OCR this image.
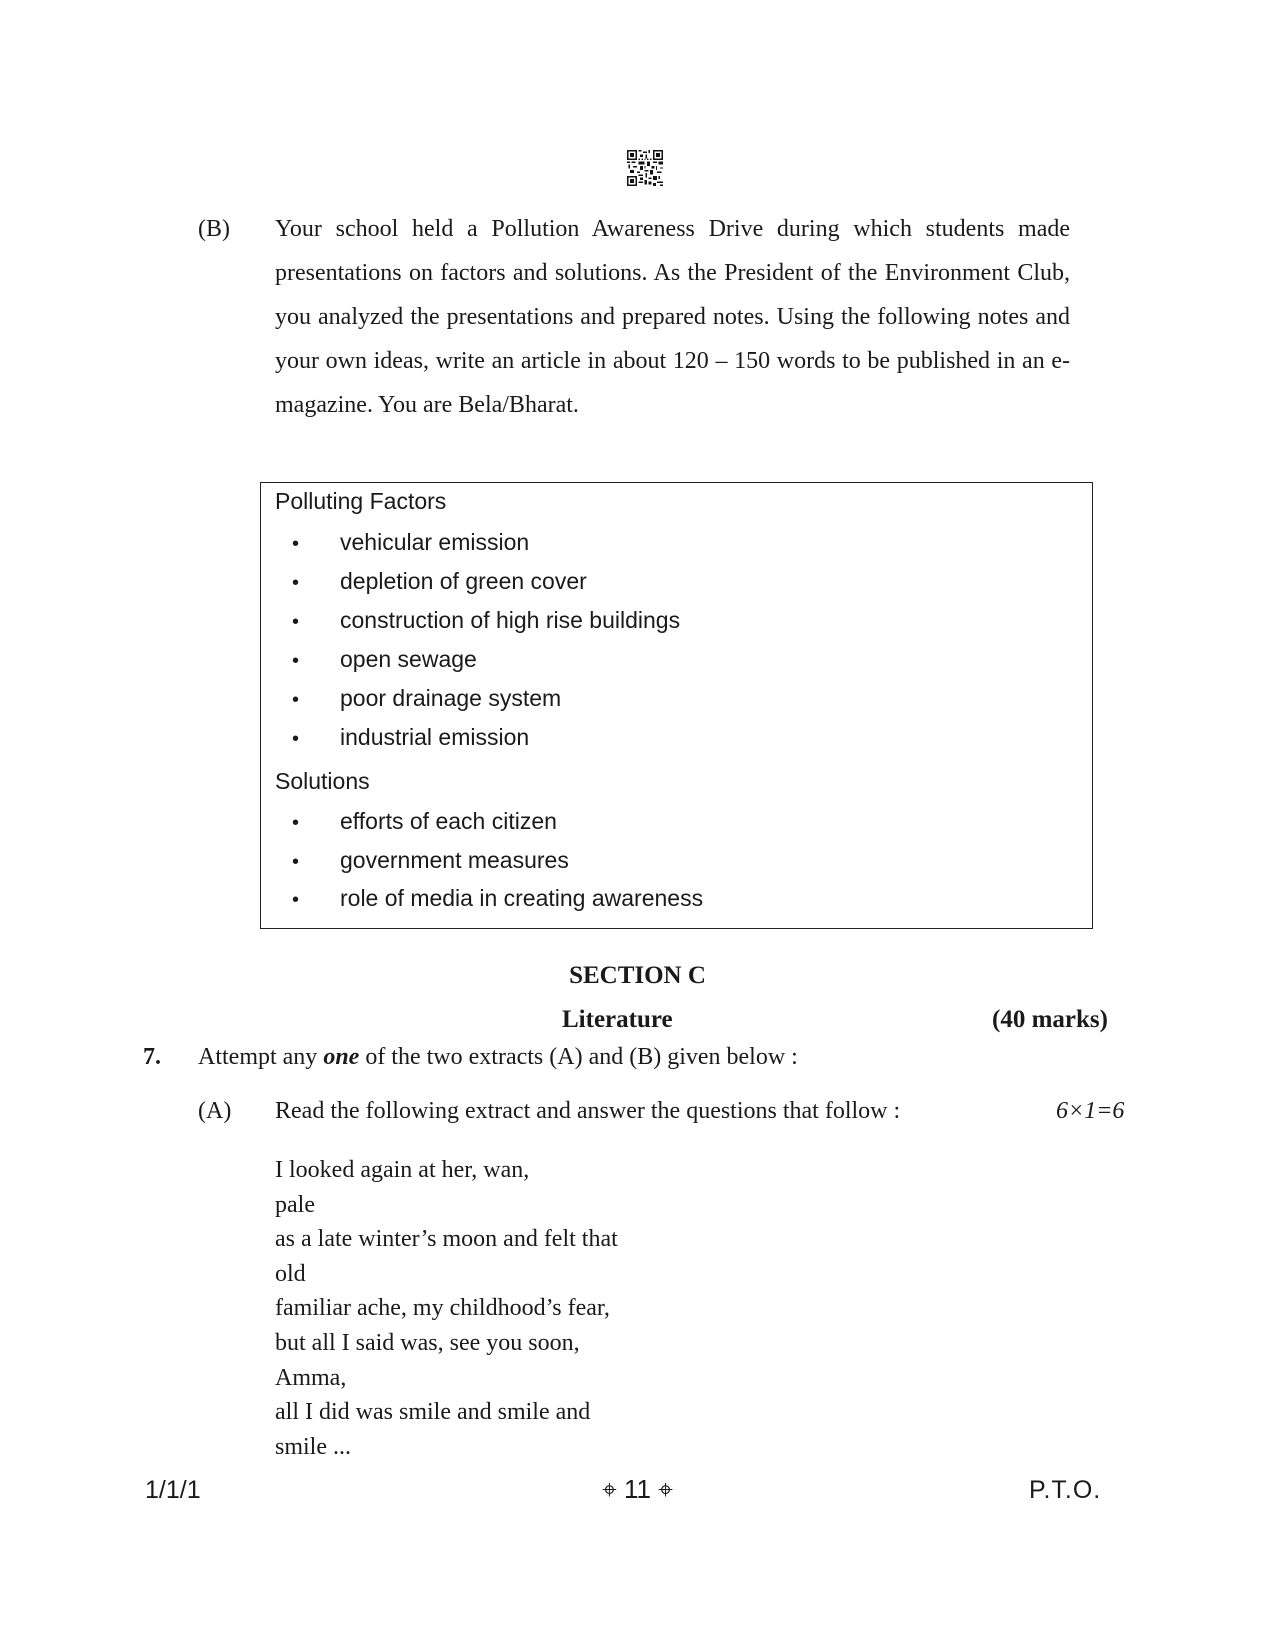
(B) Your school held a Pollution Awareness Drive during which students made presentations on factors and solutions. As the President of the Environment Club, you analyzed the presentations and prepared notes. Using the following notes and your own ideas, write an article in about 120 – 150 words to be published in an e-magazine. You are Bela/Bharat.
Polluting Factors
• vehicular emission
• depletion of green cover
• construction of high rise buildings
• open sewage
• poor drainage system
• industrial emission
Solutions
• efforts of each citizen
• government measures
• role of media in creating awareness
SECTION C
Literature	(40 marks)
7. Attempt any one of the two extracts (A) and (B) given below :
(A) Read the following extract and answer the questions that follow :	6×1=6
I looked again at her, wan,
pale
as a late winter’s moon and felt that
old
familiar ache, my childhood’s fear,
but all I said was, see you soon,
Amma,
all I did was smile and smile and
smile ...
1/1/1	⌖ 11 ⌖	P.T.O.
